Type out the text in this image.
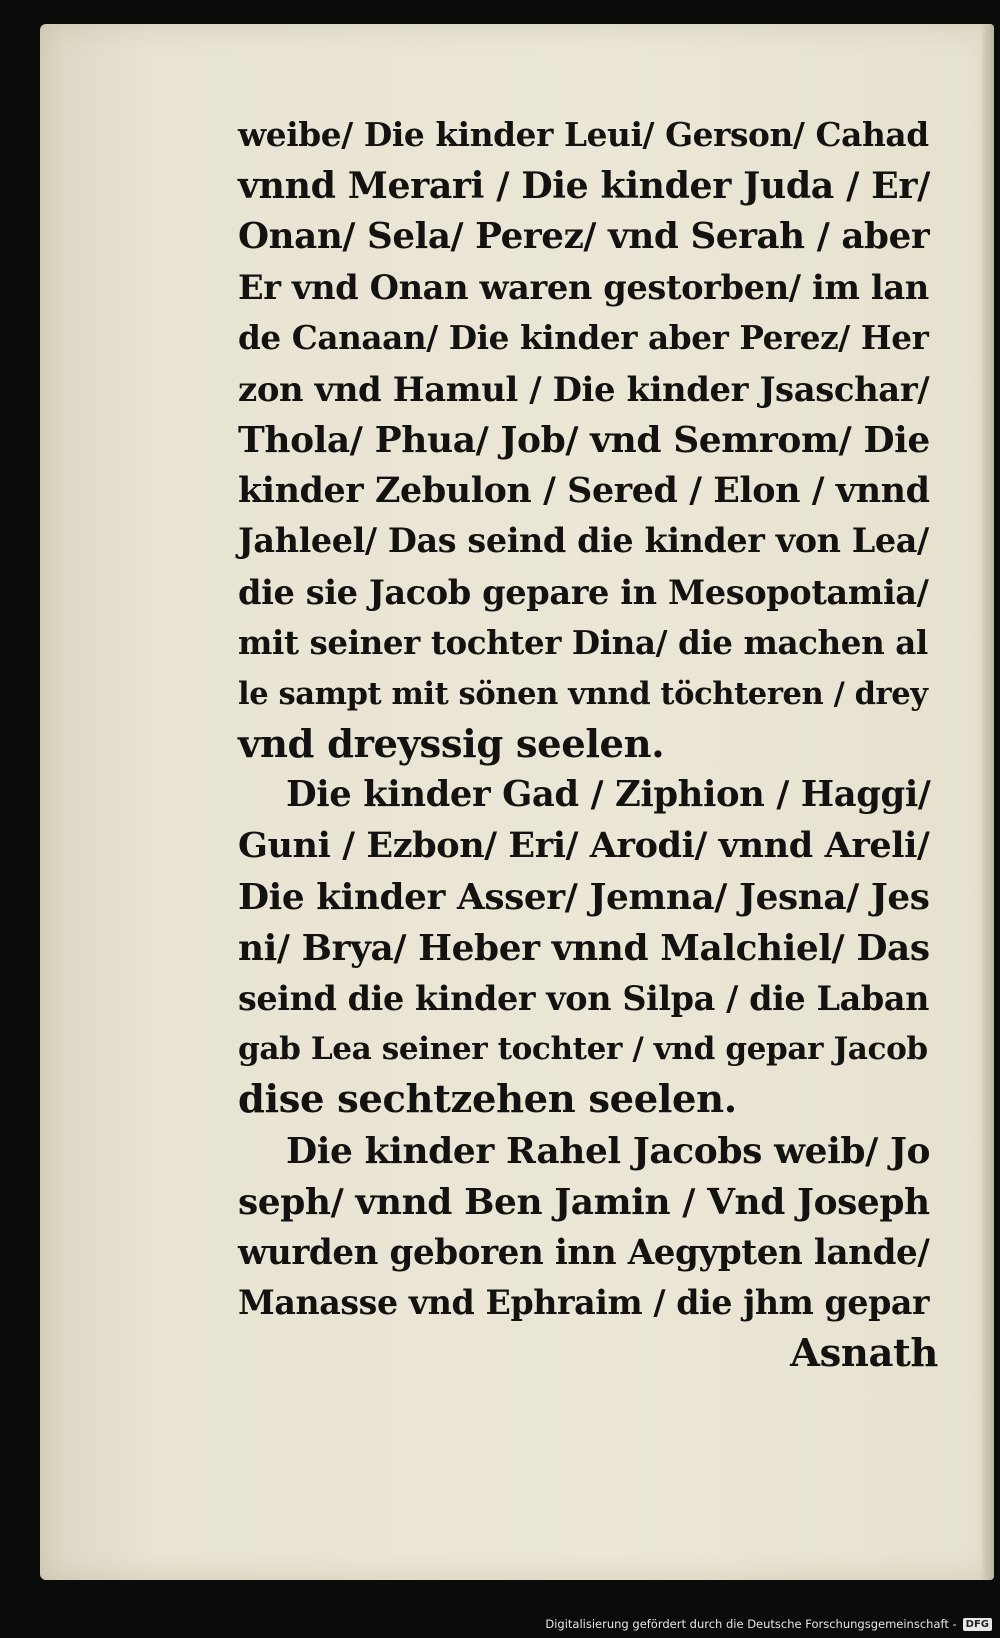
weibe/ Die kinder Leui/ Gerson/ Cahad
vnnd Merari / Die kinder Juda / Er/
Onan/ Sela/ Perez/ vnd Serah / aber
Er vnd Onan waren gestorben/ im lan
de Canaan/ Die kinder aber Perez/ Her
zon vnd Hamul / Die kinder Jsaschar/
Thola/ Phua/ Job/ vnd Semrom/ Die
kinder Zebulon / Sered / Elon / vnnd
Jahleel/ Das seind die kinder von Lea/
die sie Jacob gepare in Mesopotamia/
mit seiner tochter Dina/ die machen al
le sampt mit sönen vnnd töchteren / drey
vnd dreyssig seelen.
Die kinder Gad / Ziphion / Haggi/
Guni / Ezbon/ Eri/ Arodi/ vnnd Areli/
Die kinder Asser/ Jemna/ Jesna/ Jes
ni/ Brya/ Heber vnnd Malchiel/ Das
seind die kinder von Silpa / die Laban
gab Lea seiner tochter / vnd gepar Jacob
dise sechtzehen seelen.
Die kinder Rahel Jacobs weib/ Jo
seph/ vnnd Ben Jamin / Vnd Joseph
wurden geboren inn Aegypten lande/
Manasse vnd Ephraim / die jhm gepar
Asnath
Digitalisierung gefördert durch die Deutsche Forschungsgemeinschaft - DFG
